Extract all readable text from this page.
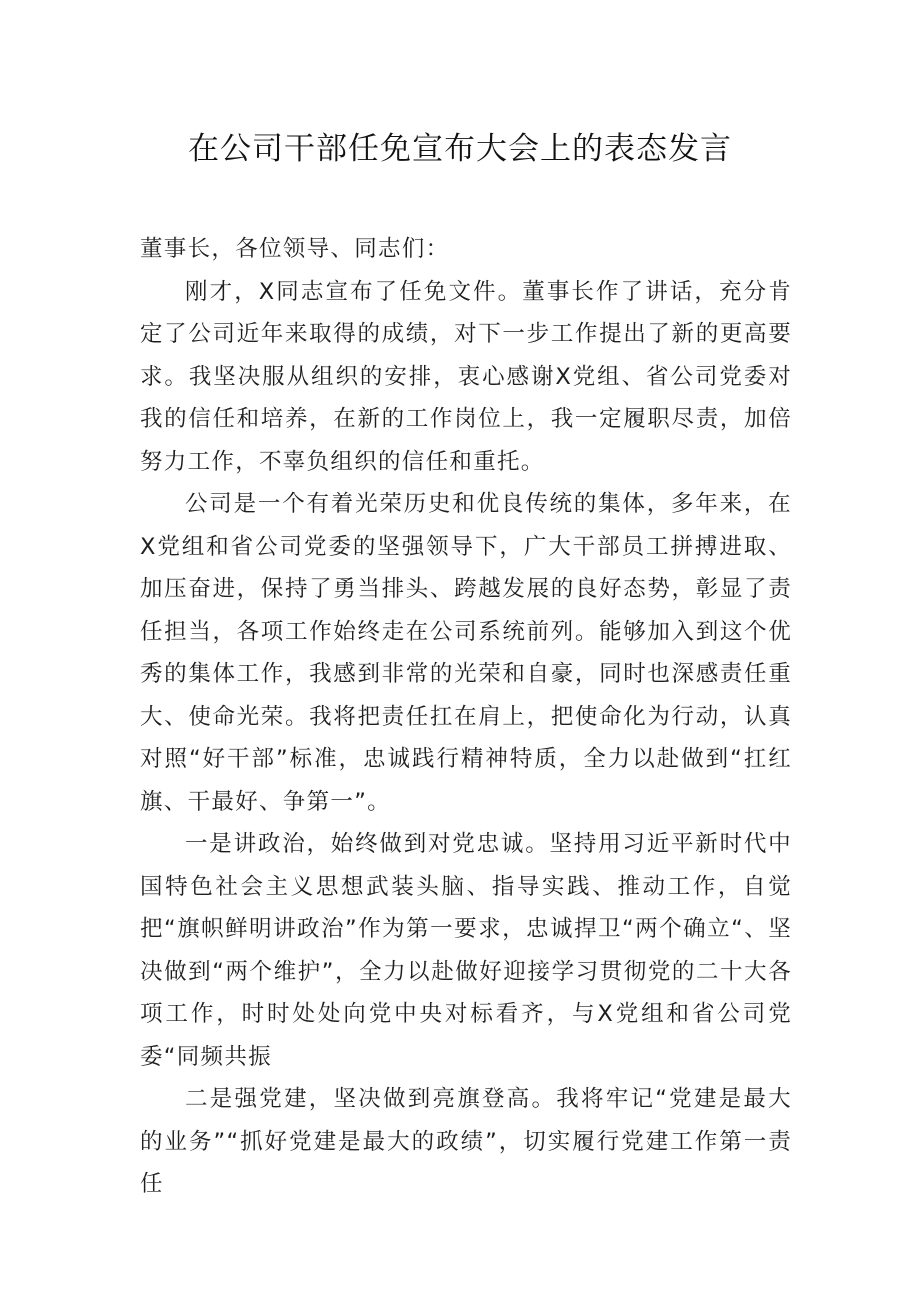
在公司干部任免宣布大会上的表态发言

董事长，各位领导、同志们：

刚才，X同志宣布了任免文件。董事长作了讲话，充分肯定了公司近年来取得的成绩，对下一步工作提出了新的更高要求。我坚决服从组织的安排，衷心感谢X党组、省公司党委对我的信任和培养，在新的工作岗位上，我一定履职尽责，加倍努力工作，不辜负组织的信任和重托。

公司是一个有着光荣历史和优良传统的集体，多年来，在X党组和省公司党委的坚强领导下，广大干部员工拼搏进取、加压奋进，保持了勇当排头、跨越发展的良好态势，彰显了责任担当，各项工作始终走在公司系统前列。能够加入到这个优秀的集体工作，我感到非常的光荣和自豪，同时也深感责任重大、使命光荣。我将把责任扛在肩上，把使命化为行动，认真对照“好干部”标准，忠诚践行精神特质，全力以赴做到“扛红旗、干最好、争第一”。

一是讲政治，始终做到对党忠诚。坚持用习近平新时代中国特色社会主义思想武装头脑、指导实践、推动工作，自觉把“旗帜鲜明讲政治”作为第一要求，忠诚捍卫“两个确立“、坚决做到“两个维护”，全力以赴做好迎接学习贯彻党的二十大各项工作，时时处处向党中央对标看齐，与X党组和省公司党委“同频共振

二是强党建，坚决做到亮旗登高。我将牢记“党建是最大的业务”“抓好党建是最大的政绩”，切实履行党建工作第一责任
